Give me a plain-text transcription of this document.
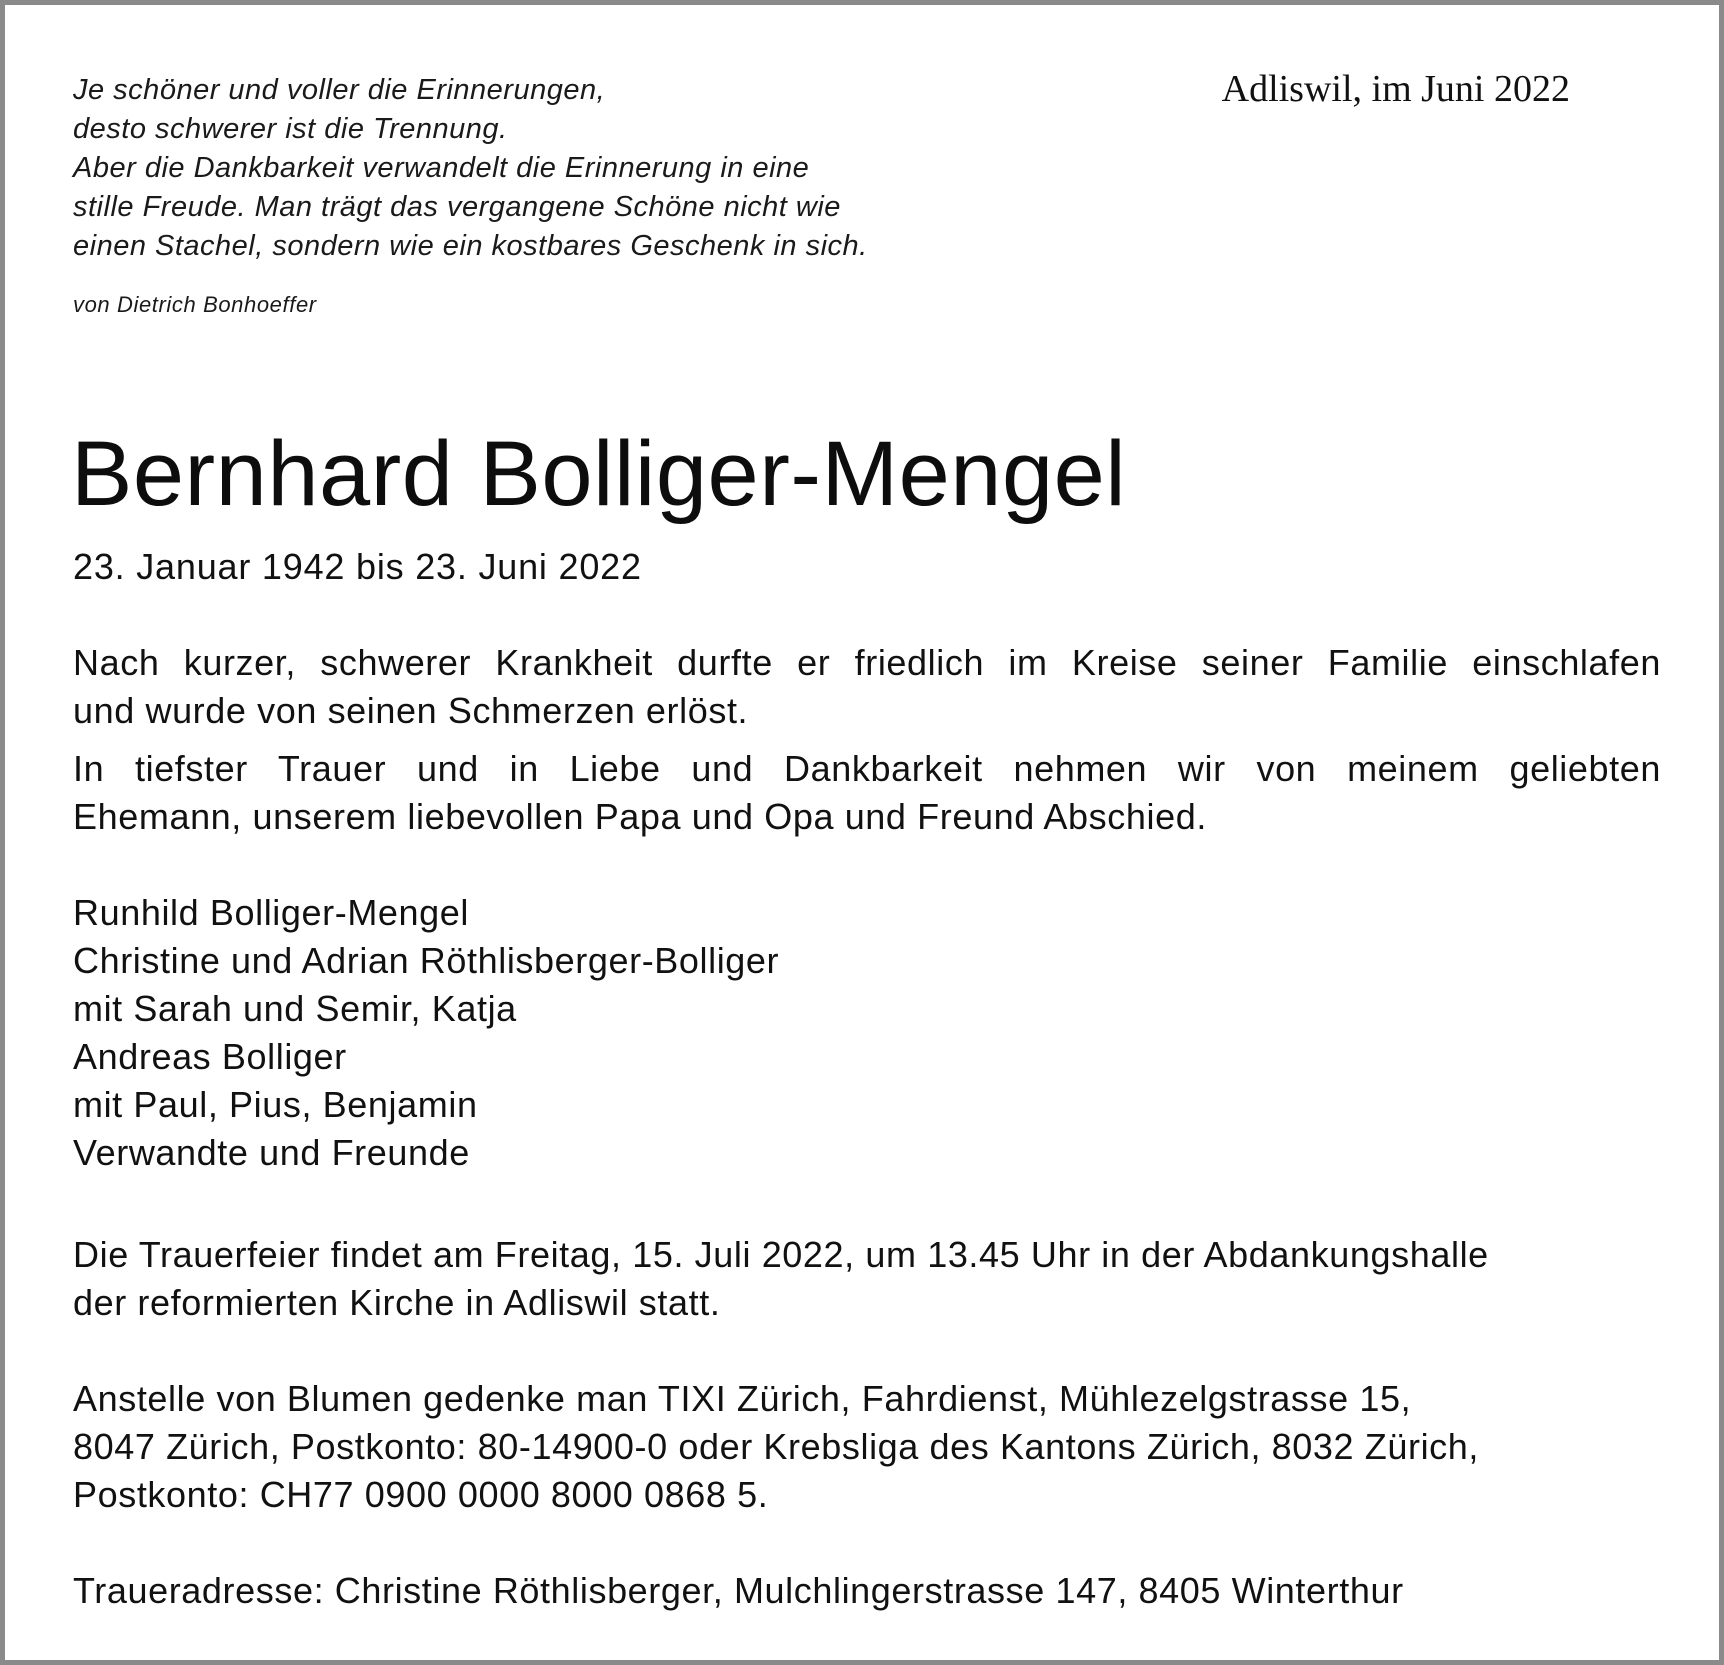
Je schöner und voller die Erinnerungen,
desto schwerer ist die Trennung.
Aber die Dankbarkeit verwandelt die Erinnerung in eine
stille Freude. Man trägt das vergangene Schöne nicht wie
einen Stachel, sondern wie ein kostbares Geschenk in sich.
von Dietrich Bonhoeffer
Adliswil, im Juni 2022
Bernhard Bolliger-Mengel
23. Januar 1942 bis 23. Juni 2022
Nach kurzer, schwerer Krankheit durfte er friedlich im Kreise seiner Familie einschlafen
und wurde von seinen Schmerzen erlöst.
In tiefster Trauer und in Liebe und Dankbarkeit nehmen wir von meinem geliebten
Ehemann, unserem liebevollen Papa und Opa und Freund Abschied.
Runhild Bolliger-Mengel
Christine und Adrian Röthlisberger-Bolliger
mit Sarah und Semir, Katja
Andreas Bolliger
mit Paul, Pius, Benjamin
Verwandte und Freunde
Die Trauerfeier findet am Freitag, 15. Juli 2022, um 13.45 Uhr in der Abdankungshalle
der reformierten Kirche in Adliswil statt.
Anstelle von Blumen gedenke man TIXI Zürich, Fahrdienst, Mühlezelgstrasse 15,
8047 Zürich, Postkonto: 80-14900-0 oder Krebsliga des Kantons Zürich, 8032 Zürich,
Postkonto: CH77 0900 0000 8000 0868 5.
Traueradresse: Christine Röthlisberger, Mulchlingerstrasse 147, 8405 Winterthur
